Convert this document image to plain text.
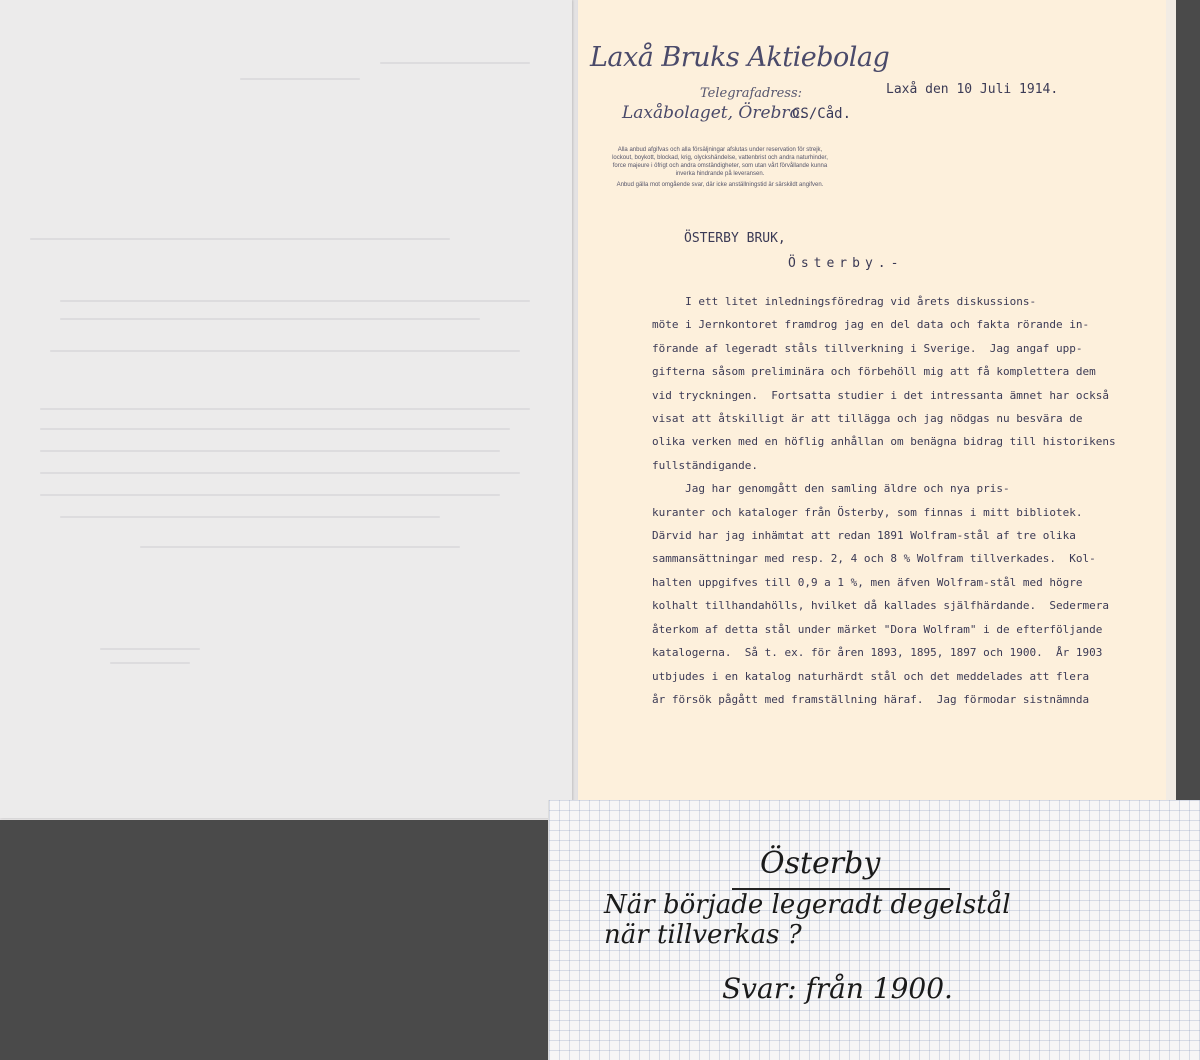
Laxå Bruks Aktiebolag
Telegrafadress:
Laxåbolaget, Örebro.
CS/Cåd.

Alla anbud afgifvas och alla försäljningar afslutas under reservation för strejk, lockout, boykott, blockad, krig, olyckshändelse, vattenbrist och andra naturhinder, force majeure i öfrigt och andra omständigheter, som utan vårt förvållande kunna inverka hindrande på leveransen.

Anbud gälla mot omgående svar, där icke anställningstid är särskildt angifven.

Laxå den 10 Juli 1914.
ÖSTERBY BRUK,
Österby.-
I ett litet inledningsföredrag vid årets diskussions-
möte i Jernkontoret framdrog jag en del data och fakta rörande in-
förande af legeradt ståls tillverkning i Sverige.  Jag angaf upp-
gifterna såsom preliminära och förbehöll mig att få komplettera dem
vid tryckningen.  Fortsatta studier i det intressanta ämnet har också
visat att åtskilligt är att tillägga och jag nödgas nu besvära de
olika verken med en höflig anhållan om benägna bidrag till historikens
fullständigande.
Jag har genomgått den samling äldre och nya pris-
kuranter och kataloger från Österby, som finnas i mitt bibliotek.
Därvid har jag inhämtat att redan 1891 Wolfram-stål af tre olika
sammansättningar med resp. 2, 4 och 8 % Wolfram tillverkades.  Kol-
halten uppgifves till 0,9 a 1 %, men äfven Wolfram-stål med högre
kolhalt tillhandahölls, hvilket då kallades själfhärdande.  Sedermera
återkom af detta stål under märket "Dora Wolfram" i de efterföljande
katalogerna.  Så t. ex. för åren 1893, 1895, 1897 och 1900.  År 1903
utbjudes i en katalog naturhärdt stål och det meddelades att flera
år försök pågått med framställning häraf.  Jag förmodar sistnämnda
Österby
När började legeradt degelstål
när tillverkas ?
Svar: från 1900.
